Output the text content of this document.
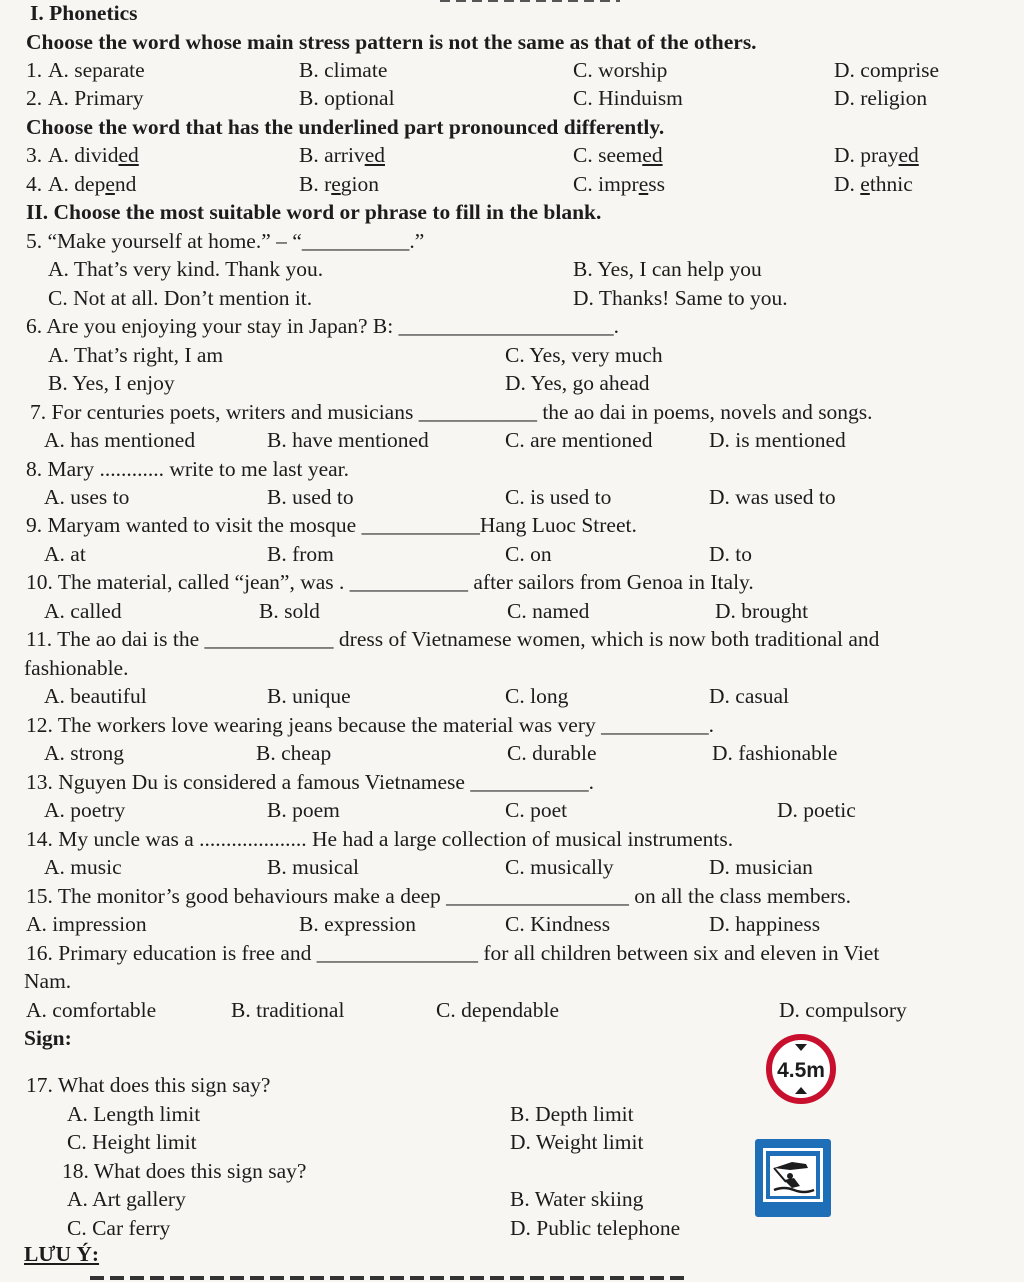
I. Phonetics
Choose the word whose main stress pattern is not the same as that of the others.
1. A. separate	B. climate	C. worship	D. comprise
2. A. Primary	B. optional	C. Hinduism	D. religion
Choose the word that has the underlined part pronounced differently.
3. A. divided	B. arrived	C. seemed	D. prayed
4. A. depend	B. region	C. impress	D. ethnic
II. Choose the most suitable word or phrase to fill in the blank.
5. “Make yourself at home.” – “__________.”
A. That’s very kind. Thank you.	B. Yes, I can help you
C. Not at all. Don’t mention it.	D. Thanks! Same to you.
6. Are you enjoying your stay in Japan? B: ____________________.
A. That’s right, I am	C. Yes, very much
B. Yes, I enjoy	D. Yes, go ahead
7. For centuries poets, writers and musicians ___________ the ao dai in poems, novels and songs.
A. has mentioned	B. have mentioned	C. are mentioned	D. is mentioned
8. Mary ............ write to me last year.
A. uses to	B. used to	C. is used to	D. was used to
9. Maryam wanted to visit the mosque ___________Hang Luoc Street.
A. at	B. from	C. on	D. to
10. The material, called “jean”, was . ___________ after sailors from Genoa in Italy.
A. called	B. sold	C. named	D. brought
11. The ao dai is the ____________ dress of Vietnamese women, which is now both traditional and
fashionable.
A. beautiful	B. unique	C. long	D. casual
12. The workers love wearing jeans because the material was very __________.
A. strong	B. cheap	C. durable	D. fashionable
13. Nguyen Du is considered a famous Vietnamese ___________.
A. poetry	B. poem	C. poet	D. poetic
14. My uncle was a .................... He had a large collection of musical instruments.
A. music	B. musical	C. musically	D. musician
15. The monitor’s good behaviours make a deep _________________ on all the class members.
A. impression	B. expression	C. Kindness	D. happiness
16. Primary education is free and _______________ for all children between six and eleven in Viet
Nam.
A. comfortable	B. traditional	C. dependable	D. compulsory
Sign:
4.5m
17. What does this sign say?
A. Length limit	B. Depth limit
C. Height limit	D. Weight limit
18. What does this sign say?
A. Art gallery	B. Water skiing
C. Car ferry	D. Public telephone
LƯU Ý:
